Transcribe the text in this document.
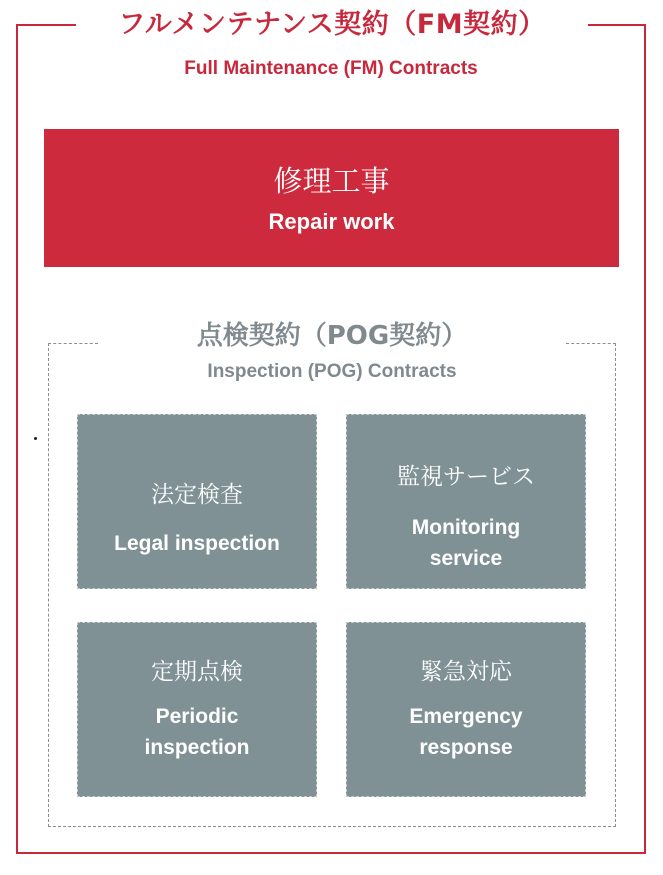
フルメンテナンス契約（FM契約）
Full Maintenance (FM) Contracts
修理工事
Repair work
点検契約（POG契約）
Inspection (POG) Contracts
法定検査
Legal inspection
監視サービス
Monitoring
service
定期点検
Periodic
inspection
緊急対応
Emergency
response
